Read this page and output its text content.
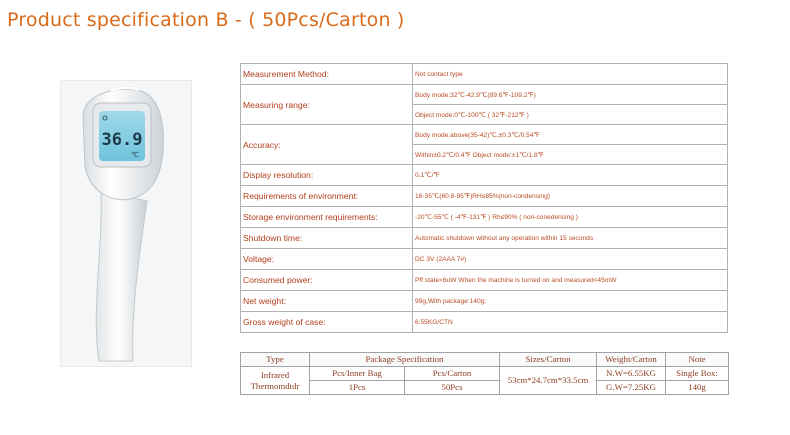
Product specification B - ( 50Pcs/Carton )
36.9
℃
Measurement Method:	Not contact type
Measuring range:	Body mode:32℃-42.9℃(89.6℉-109.2℉)
	Object mode:0℃-100℃ ( 32℉-212℉ )
Accuracy:	Body mode:above(35-42)℃,±0.3℃/0.54℉
	Within±0.2℃/0.4℉ Object mode:±1℃/1.8℉
Display resolution:	0.1℃/℉
Requirements of environment:	16-35℃(60.8-95℉)RH≤85%(non-condensing)
Storage environment requirements:	-20℃-55℃ ( -4℉-131℉ ) Rh≤90% ( non-conedensing )
Shutdown time:	Automatic shutdown without any operation within 15 seconds
Voltage:	DC 3V (2AAA 7#)
Consumed power:	Pff state<6uW When the machine is turned on and measured<45mW
Net weight:	99g,With package:140g;
Gross weight of case:	6.55KG/CTN
Type	Package Specification		Sizes/Carton	Weight/Carton	Note

Infrared
Thermomdtdr	Pcs/Inner Bag	Pcs/Carton	53cm*24.7cm*33.5cm	N.W=6.55KG	Single Box:
	1Pcs	50Pcs		G.W=7.25KG	140g
